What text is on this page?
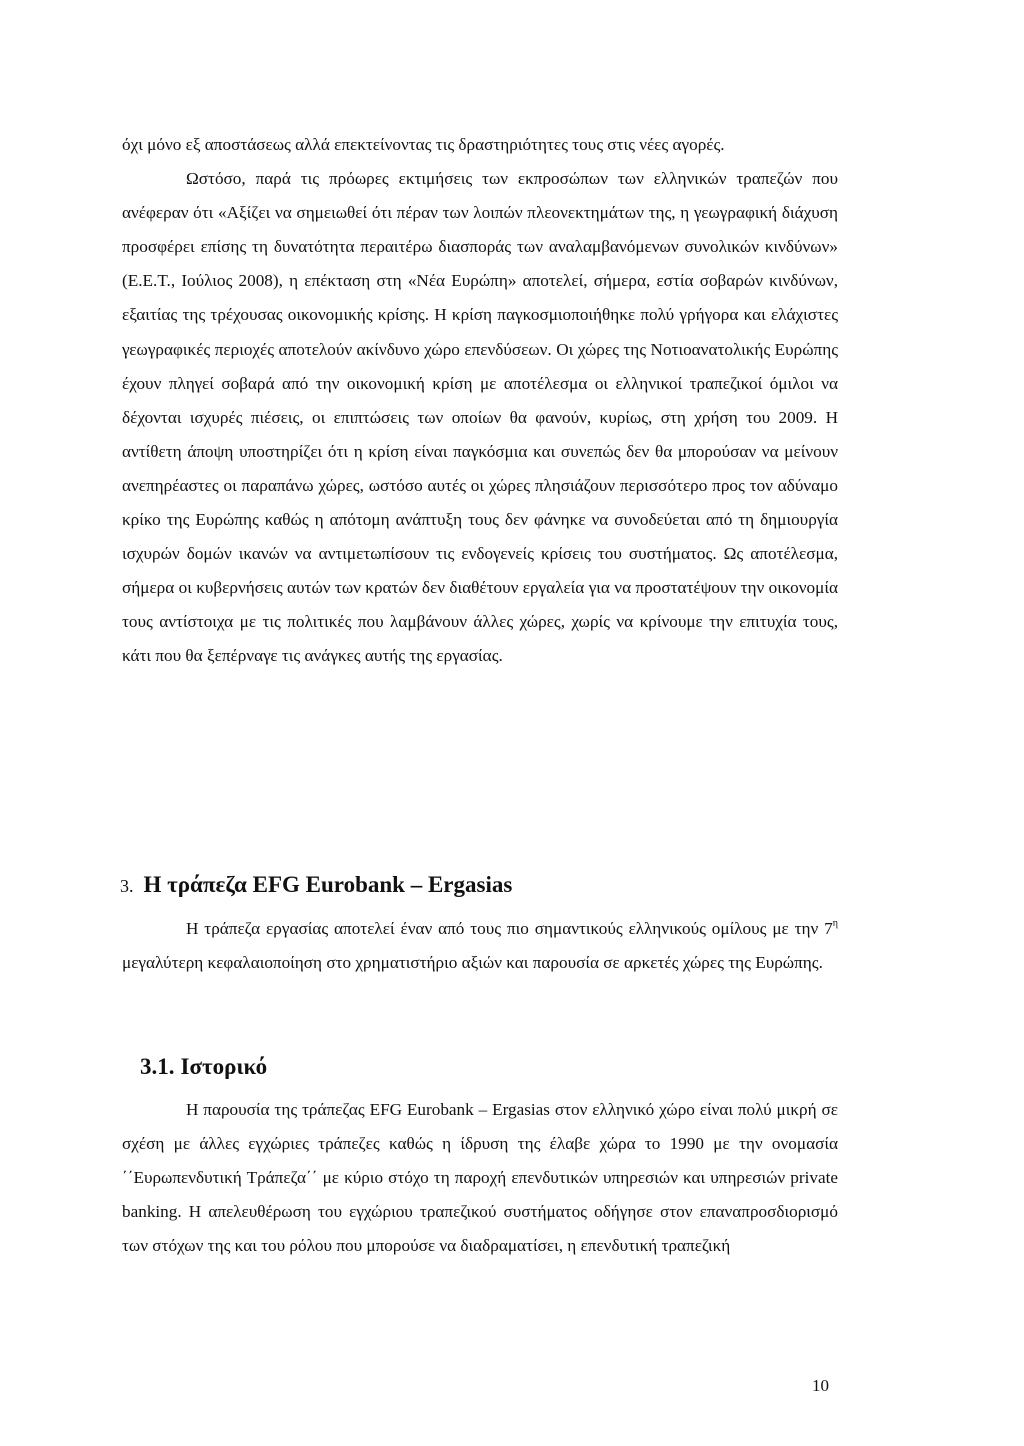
όχι μόνο εξ αποστάσεως αλλά επεκτείνοντας τις δραστηριότητες τους στις νέες αγορές.

Ωστόσο, παρά τις πρόωρες εκτιμήσεις των εκπροσώπων των ελληνικών τραπεζών που ανέφεραν ότι «Αξίζει να σημειωθεί ότι πέραν των λοιπών πλεονεκτημάτων της, η γεωγραφική διάχυση προσφέρει επίσης τη δυνατότητα περαιτέρω διασποράς των αναλαμβανόμενων συνολικών κινδύνων» (Ε.Ε.Τ., Ιούλιος 2008), η επέκταση στη «Νέα Ευρώπη» αποτελεί, σήμερα, εστία σοβαρών κινδύνων, εξαιτίας της τρέχουσας οικονομικής κρίσης. Η κρίση παγκοσμιοποιήθηκε πολύ γρήγορα και ελάχιστες γεωγραφικές περιοχές αποτελούν ακίνδυνο χώρο επενδύσεων. Οι χώρες της Νοτιοανατολικής Ευρώπης έχουν πληγεί σοβαρά από την οικονομική κρίση με αποτέλεσμα οι ελληνικοί τραπεζικοί όμιλοι να δέχονται ισχυρές πιέσεις, οι επιπτώσεις των οποίων θα φανούν, κυρίως, στη χρήση του 2009. Η αντίθετη άποψη υποστηρίζει ότι η κρίση είναι παγκόσμια και συνεπώς δεν θα μπορούσαν να μείνουν ανεπηρέαστες οι παραπάνω χώρες, ωστόσο αυτές οι χώρες πλησιάζουν περισσότερο προς τον αδύναμο κρίκο της Ευρώπης καθώς η απότομη ανάπτυξη τους δεν φάνηκε να συνοδεύεται από τη δημιουργία ισχυρών δομών ικανών να αντιμετωπίσουν τις ενδογενείς κρίσεις του συστήματος. Ως αποτέλεσμα, σήμερα οι κυβερνήσεις αυτών των κρατών δεν διαθέτουν εργαλεία για να προστατέψουν την οικονομία τους αντίστοιχα με τις πολιτικές που λαμβάνουν άλλες χώρες, χωρίς να κρίνουμε την επιτυχία τους, κάτι που θα ξεπέρναγε τις ανάγκες αυτής της εργασίας.

3. Η τράπεζα EFG Eurobank – Ergasias

Η τράπεζα εργασίας αποτελεί έναν από τους πιο σημαντικούς ελληνικούς ομίλους με την $7^\eta$ μεγαλύτερη κεφαλαιοποίηση στο χρηματιστήριο αξιών και παρουσία σε αρκετές χώρες της Ευρώπης.

3.1. Ιστορικό

Η παρουσία της τράπεζας EFG Eurobank – Ergasias στον ελληνικό χώρο είναι πολύ μικρή σε σχέση με άλλες εγχώριες τράπεζες καθώς η ίδρυση της έλαβε χώρα το 1990 με την ονομασία ΄΄Ευρωπενδυτική Τράπεζα΄΄ με κύριο στόχο τη παροχή επενδυτικών υπηρεσιών και υπηρεσιών private banking. Η απελευθέρωση του εγχώριου τραπεζικού συστήματος οδήγησε στον επαναπροσδιορισμό των στόχων της και του ρόλου που μπορούσε να διαδραματίσει, η επενδυτική τραπεζική

10
